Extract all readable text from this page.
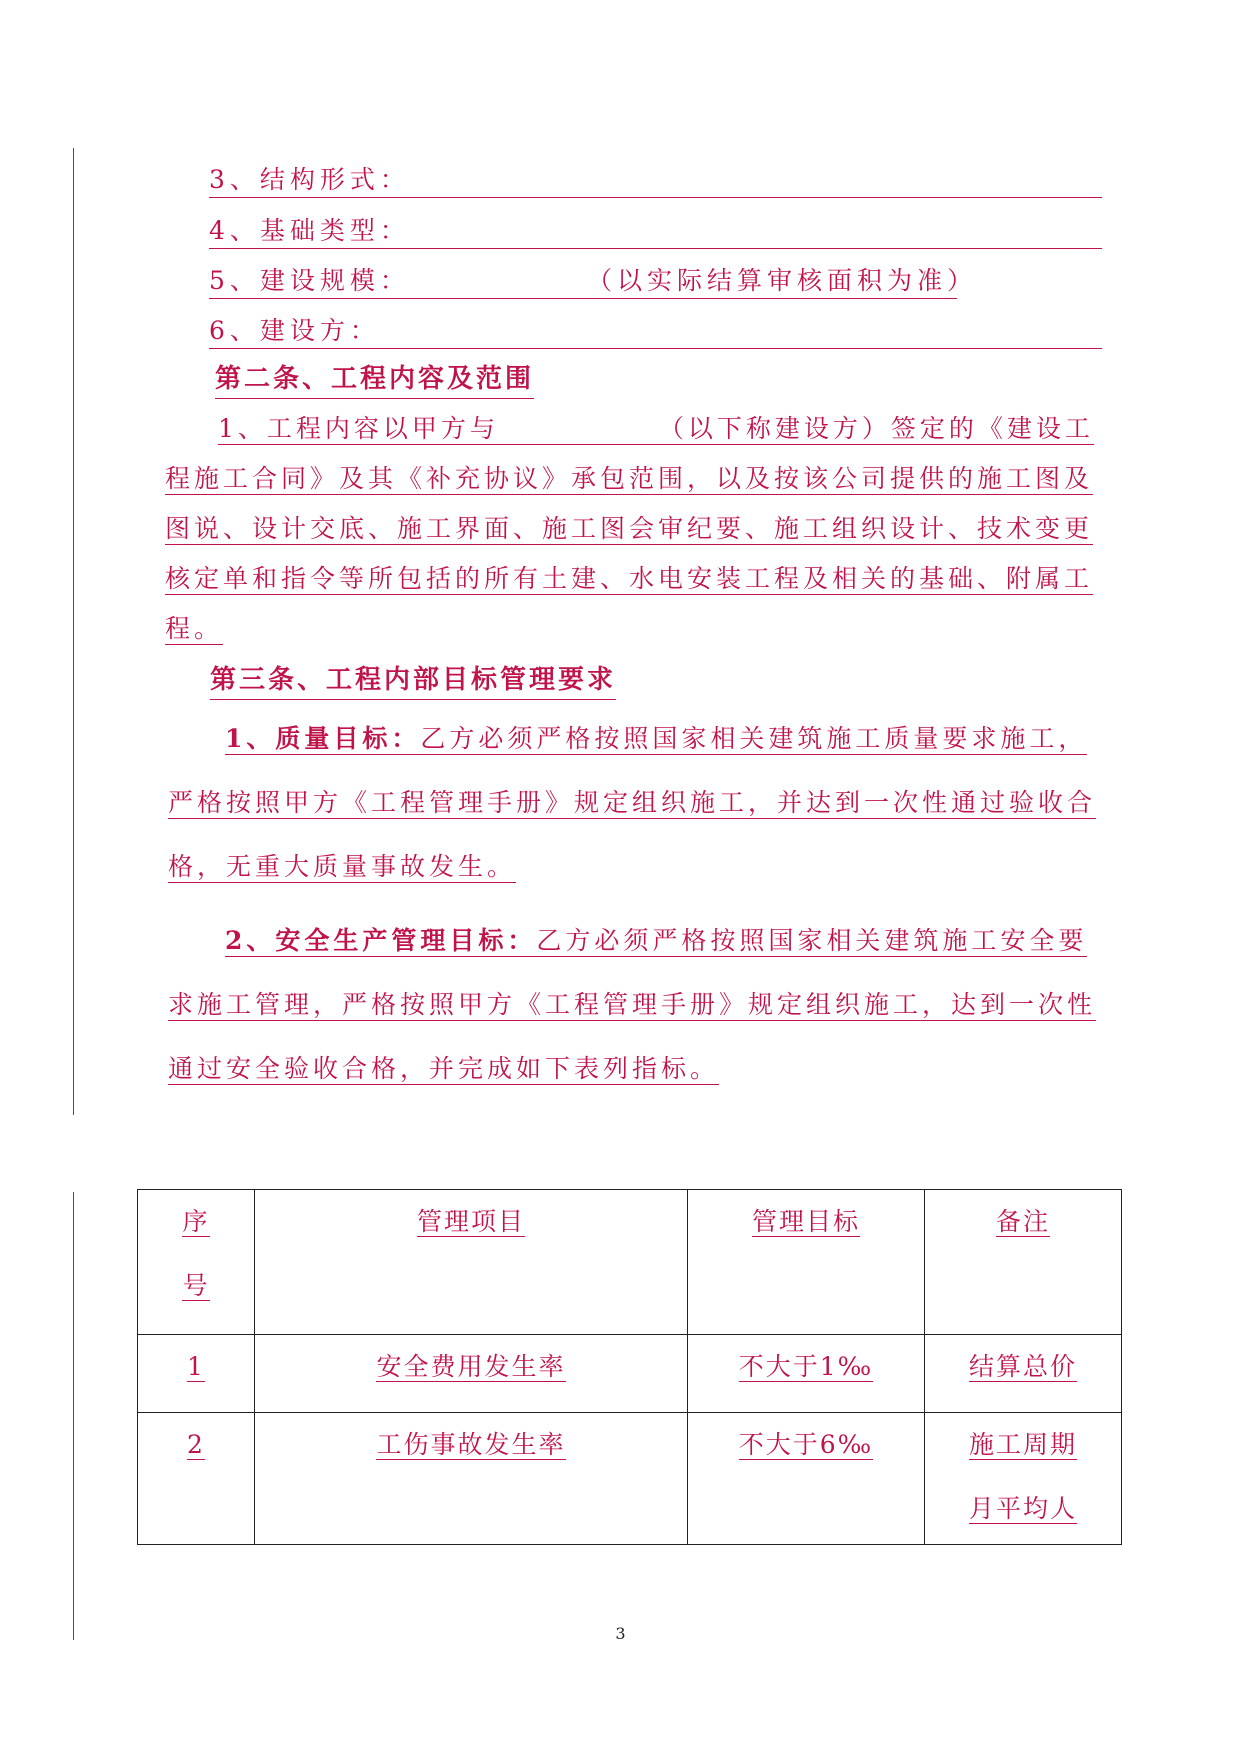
3、结构形式：
4、基础类型：
5、建设规模：	（以实际结算审核面积为准）
6、建设方：
第二条、工程内容及范围
1、工程内容以甲方与	（以下称建设方）签定的《建设工
程施工合同》及其《补充协议》承包范围，以及按该公司提供的施工图及
图说、设计交底、施工界面、施工图会审纪要、施工组织设计、技术变更
核定单和指令等所包括的所有土建、水电安装工程及相关的基础、附属工
程。
第三条、工程内部目标管理要求
1、质量目标：乙方必须严格按照国家相关建筑施工质量要求施工，
严格按照甲方《工程管理手册》规定组织施工，并达到一次性通过验收合
格，无重大质量事故发生。
2、安全生产管理目标：乙方必须严格按照国家相关建筑施工安全要
求施工管理，严格按照甲方《工程管理手册》规定组织施工，达到一次性
通过安全验收合格，并完成如下表列指标。
序
号	管理项目	管理目标	备注
1	安全费用发生率	不大于1‰	结算总价
2	工伤事故发生率	不大于6‰	施工周期
月平均人
3
